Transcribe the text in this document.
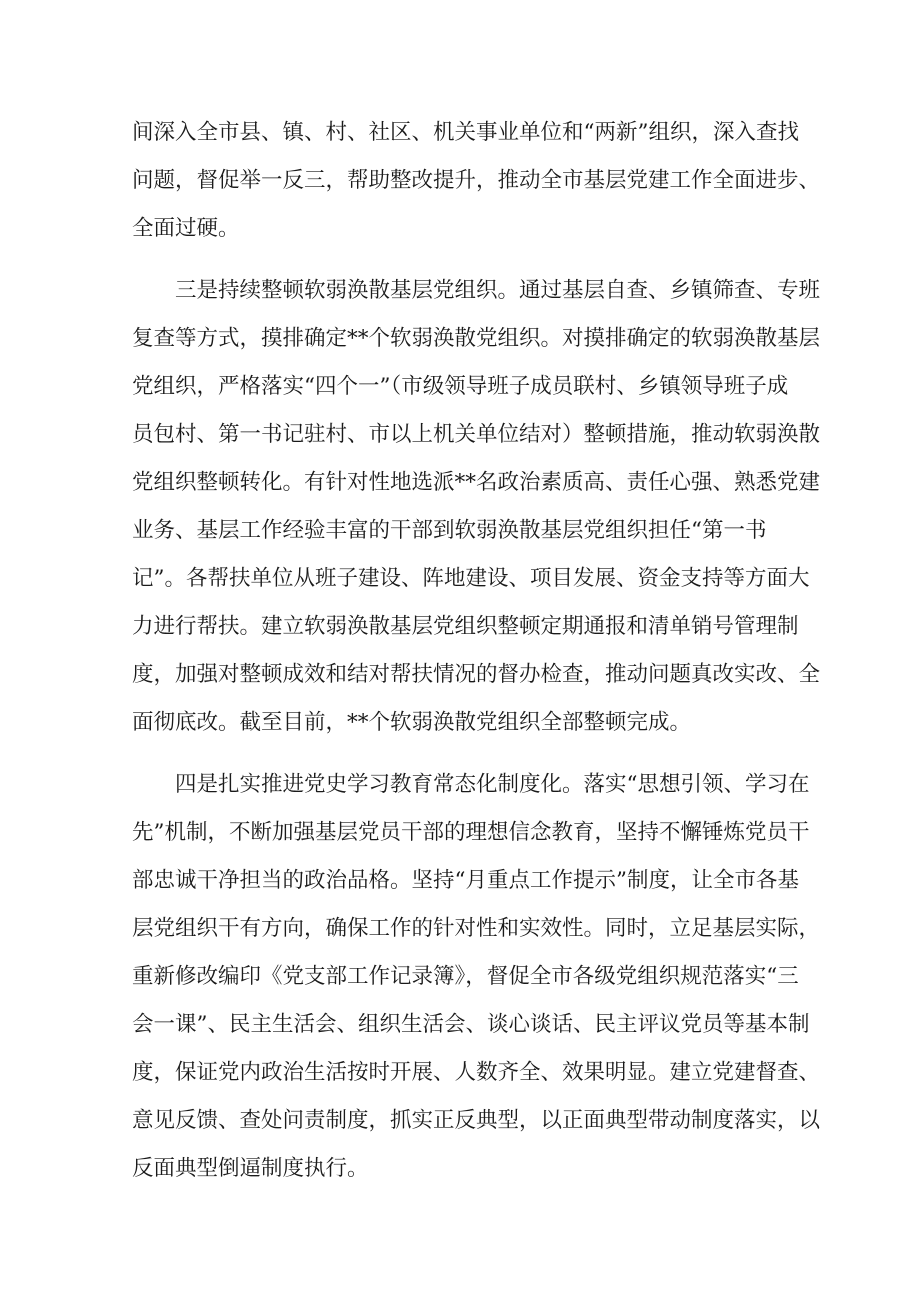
间深入全市县、镇、村、社区、机关事业单位和“两新”组织，深入查找

问题，督促举一反三，帮助整改提升，推动全市基层党建工作全面进步、

全面过硬。

三是持续整顿软弱涣散基层党组织。通过基层自查、乡镇筛查、专班

复查等方式，摸排确定**个软弱涣散党组织。对摸排确定的软弱涣散基层

党组织，严格落实“四个一”（市级领导班子成员联村、乡镇领导班子成

员包村、第一书记驻村、市以上机关单位结对）整顿措施，推动软弱涣散

党组织整顿转化。有针对性地选派**名政治素质高、责任心强、熟悉党建

业务、基层工作经验丰富的干部到软弱涣散基层党组织担任“第一书

记”。各帮扶单位从班子建设、阵地建设、项目发展、资金支持等方面大

力进行帮扶。建立软弱涣散基层党组织整顿定期通报和清单销号管理制

度，加强对整顿成效和结对帮扶情况的督办检查，推动问题真改实改、全

面彻底改。截至目前，**个软弱涣散党组织全部整顿完成。

四是扎实推进党史学习教育常态化制度化。落实“思想引领、学习在

先”机制，不断加强基层党员干部的理想信念教育，坚持不懈锤炼党员干

部忠诚干净担当的政治品格。坚持“月重点工作提示”制度，让全市各基

层党组织干有方向，确保工作的针对性和实效性。同时，立足基层实际，

重新修改编印《党支部工作记录簿》，督促全市各级党组织规范落实“三

会一课”、民主生活会、组织生活会、谈心谈话、民主评议党员等基本制

度，保证党内政治生活按时开展、人数齐全、效果明显。建立党建督查、

意见反馈、查处问责制度，抓实正反典型，以正面典型带动制度落实，以

反面典型倒逼制度执行。
